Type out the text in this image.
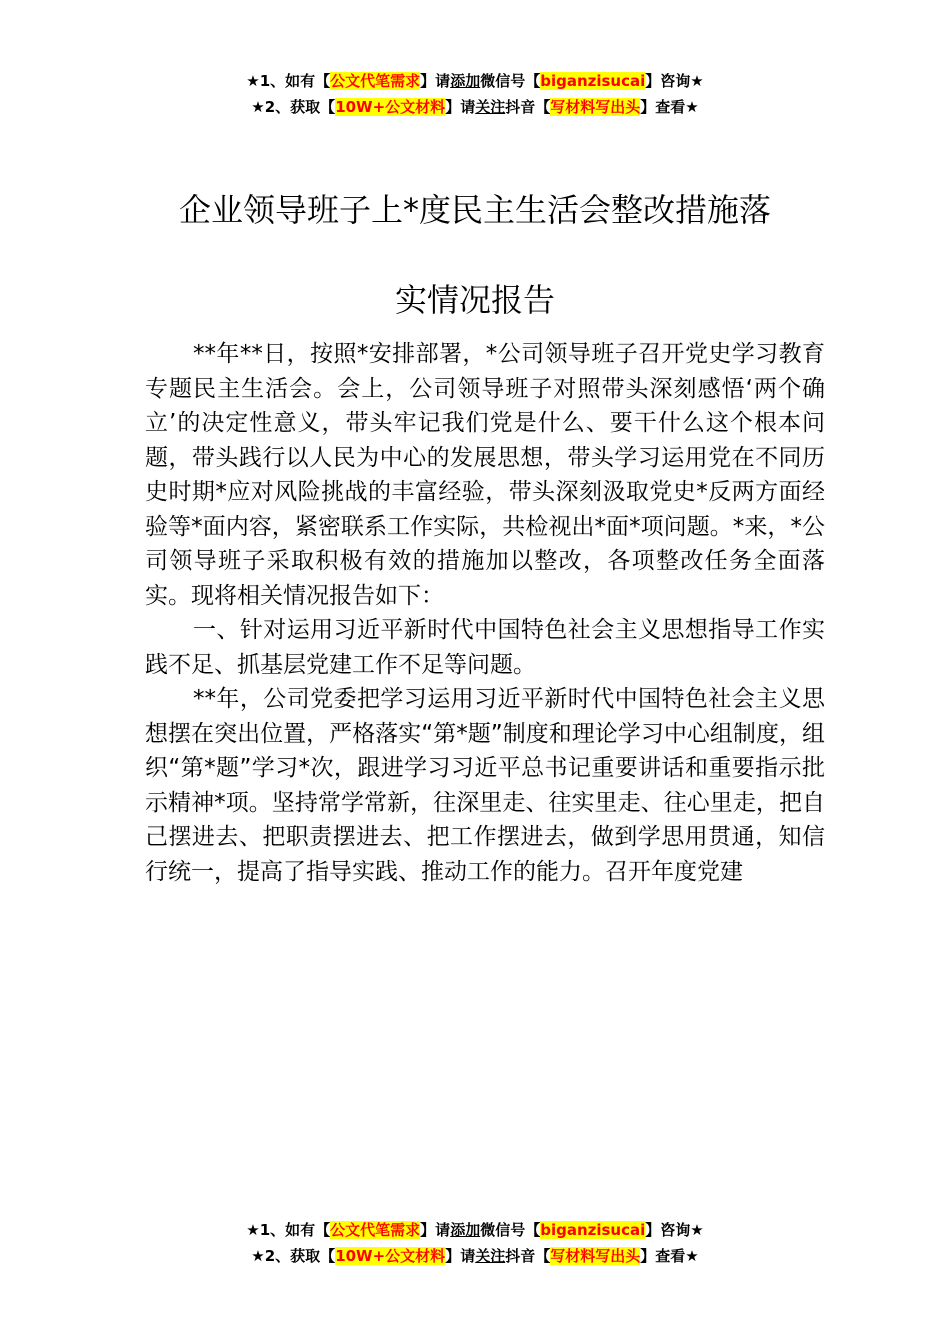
★1、如有【公文代笔需求】请添加微信号【biganzisucai】咨询★
★2、获取【10W+公文材料】请关注抖音【写材料写出头】查看★
企业领导班子上*度民主生活会整改措施落
实情况报告

**年**日，按照*安排部署，*公司领导班子召开党史学习教育专题民主生活会。会上，公司领导班子对照带头深刻感悟‘两个确立’的决定性意义，带头牢记我们党是什么、要干什么这个根本问题，带头践行以人民为中心的发展思想，带头学习运用党在不同历史时期*应对风险挑战的丰富经验，带头深刻汲取党史*反两方面经验等*面内容，紧密联系工作实际，共检视出*面*项问题。*来，*公司领导班子采取积极有效的措施加以整改，各项整改任务全面落实。现将相关情况报告如下：

一、针对运用习近平新时代中国特色社会主义思想指导工作实践不足、抓基层党建工作不足等问题。

**年，公司党委把学习运用习近平新时代中国特色社会主义思想摆在突出位置，严格落实“第*题”制度和理论学习中心组制度，组织“第*题”学习*次，跟进学习习近平总书记重要讲话和重要指示批示精神*项。坚持常学常新，往深里走、往实里走、往心里走，把自己摆进去、把职责摆进去、把工作摆进去，做到学思用贯通，知信行统一，提高了指导实践、推动工作的能力。召开年度党建

★1、如有【公文代笔需求】请添加微信号【biganzisucai】咨询★
★2、获取【10W+公文材料】请关注抖音【写材料写出头】查看★
